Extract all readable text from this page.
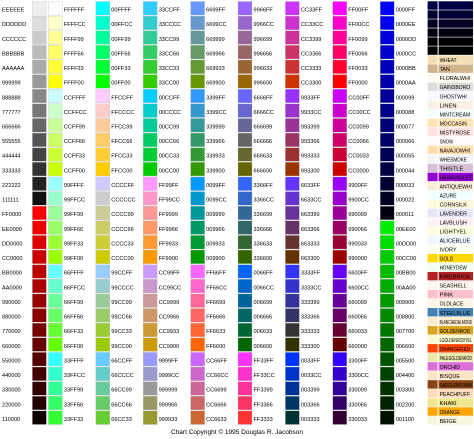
EEEEEE
DDDDDD
CCCCCC
BBBBBB
AAAAAA
999999
888888
777777
666666
555555
444444
333333
222222
111111
FF0000
EE0000
DD0000
CC0000
BB0000
AA0000
990000
880000
770000
660000
550000
440000
330000
220000
110000
FFFFFF
FFFFCC
FFFF99
FFFF66
FFFF33
FFFF00
CCFFFF
CCFFCC
CCFF99
CCFF66
CCFF33
CCFF00
99FFFF
99FFCC
99FF99
99FF66
99FF33
99FF00
66FFFF
66FFCC
66FF99
66FF66
66FF33
66FF00
33FFFF
33FFCC
33FF99
33FF66
33FF33
00FFFF
00FFCC
00FF99
00FF66
00FF33
00FF00
FFCCFF
FFCCCC
FFCC99
FFCC66
FFCC33
FFCC00
CCCCFF
CCCCCC
CCCC99
CCCC66
CCCC33
CCCC00
99CCFF
99CCCC
99CC99
99CC66
99CC33
99CC00
66CCFF
66CCCC
66CC99
66CC66
66CC33
33CCFF
33CCCC
33CC99
33CC66
33CC33
33CC00
00CCFF
00CCCC
00CC99
00CC66
00CC33
00CC00
FF99FF
FF99CC
FF9999
FF9966
FF9933
FF9900
CC99FF
CC99CC
CC9999
CC9966
CC9933
CC9900
9999FF
9999CC
999999
999966
999933
6699FF
6699CC
669999
669966
669933
669900
3399FF
3399CC
339999
339966
339933
339900
0099FF
0099CC
009999
009966
009933
009900
FF66FF
FF66CC
FF6699
FF6666
FF6633
FF6600
CC66FF
CC66CC
CC6699
CC6666
CC6633
9966FF
9966CC
996699
996666
996633
996600
6666FF
6666CC
666699
666666
666633
666600
3366FF
3366CC
336699
336666
336633
336600
0066FF
0066CC
006699
006666
006633
006600
FF33FF
FF33CC
FF3399
FF3366
FF3333
CC33FF
CC33CC
CC3399
CC3366
CC3333
CC3300
9933FF
9933CC
993399
993366
993333
993300
6633FF
6633CC
663399
663366
663333
663300
3333FF
3333CC
333399
333366
333333
333300
0033FF
0033CC
003399
003366
003333
FF00FF
FF00CC
FF0099
FF0066
FF0033
FF0000
CC00FF
CC00CC
CC0099
CC0066
CC0033
CC0000
9900FF
9900CC
990099
990066
990033
990000
6600FF
6600CC
660099
660066
660033
660000
3300FF
3300CC
330099
330066
330033
0000FF
0000EE
0000DD
0000CC
0000BB
0000AA
000099
000088
000077
000066
000055
000044
000033
000022
000011
00EE00
00DD00
00CC00
00BB00
00AA00
009900
008800
007700
006600
005500
004400
003300
002200
001100
WHEAT
TAN
FLORALWHI
GAINSBORO
GHOSTWHI
LINEN
MINTCREAM
MOCCASIN
MISTYROSE
SNOW
NAVAJOWHI
WHESMOKE
THISTLE
DARKVIOLET
ANTIQUEWHI
AZURE
CORNSILK
LAVENDER
LAVBLUSH
LIGHTYEL
ALICEBLUE
IVORY
GOLD
HONEYDEW
FIREBRICK
SEASHELL
PINK
OLDLACE
STEELBLUE
BLANCHEDALMOND
GOLDENROD
LGOLDENRODYEL
ORANGERED
PALEGOLDENROD
ORCHID
BISQUE
SADDLEBROWN
PEACHPUFF
KHAKI
ORANGE
BEIGE
Chart Copyright © 1995 Douglas R. Jacobson
